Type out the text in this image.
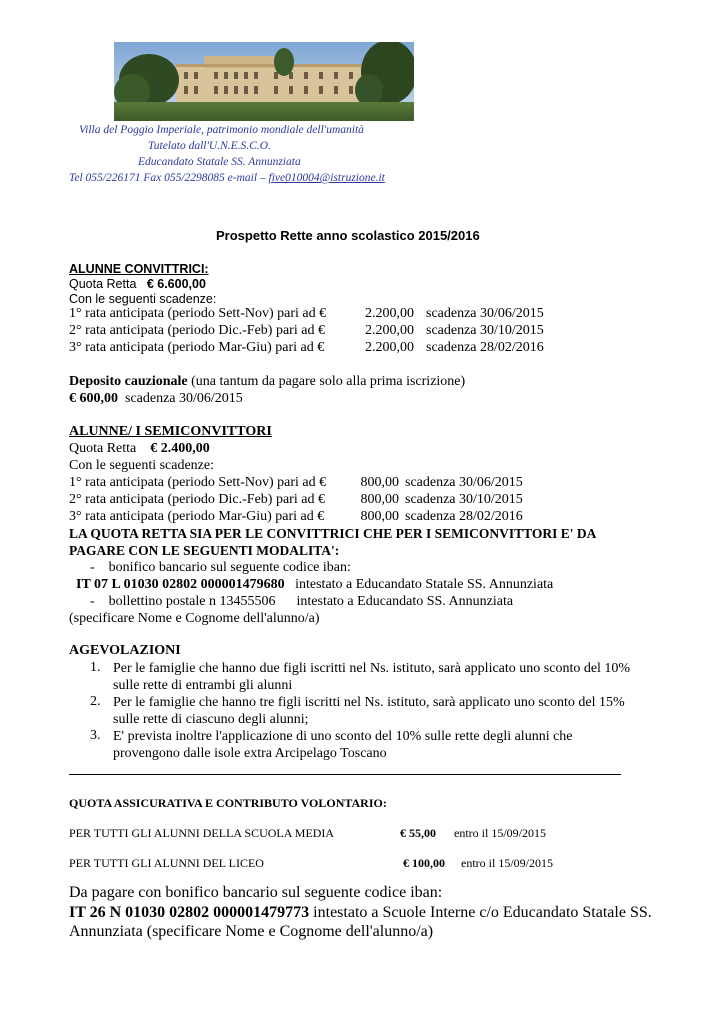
Villa del Poggio Imperiale, patrimonio mondiale dell'umanità
Tutelato dall'U.N.E.S.C.O.
Educandato Statale SS. Annunziata
Tel 055/226171 Fax 055/2298085 e-mail – five010004@istruzione.it
Prospetto Rette anno scolastico 2015/2016
ALUNNE CONVITTRICI:
Quota Retta € 6.600,00
Con le seguenti scadenze:
1° rata anticipata (periodo Sett-Nov) pari ad €	2.200,00 scadenza 30/06/2015
2° rata anticipata (periodo Dic.-Feb) pari ad €	2.200,00 scadenza 30/10/2015
3° rata anticipata (periodo Mar-Giu) pari ad €	2.200,00 scadenza 28/02/2016
Deposito cauzionale (una tantum da pagare solo alla prima iscrizione)
€ 600,00 scadenza 30/06/2015
ALUNNE/ I SEMICONVITTORI
Quota Retta € 2.400,00
Con le seguenti scadenze:
1° rata anticipata (periodo Sett-Nov) pari ad € 800,00 scadenza 30/06/2015
2° rata anticipata (periodo Dic.-Feb) pari ad €	800,00 scadenza 30/10/2015
3° rata anticipata (periodo Mar-Giu) pari ad €	800,00 scadenza 28/02/2016
LA QUOTA RETTA SIA PER LE CONVITTRICI CHE PER I SEMICONVITTORI E' DA
PAGARE CON LE SEGUENTI MODALITA':
- bonifico bancario sul seguente codice iban:
IT 07 L 01030 02802 000001479680 intestato a Educandato Statale SS. Annunziata
- bollettino postale n 13455506 intestato a Educandato SS. Annunziata
(specificare Nome e Cognome dell'alunno/a)
AGEVOLAZIONI
1. Per le famiglie che hanno due figli iscritti nel Ns. istituto, sarà applicato uno sconto del 10%
sulle rette di entrambi gli alunni
2. Per le famiglie che hanno tre figli iscritti nel Ns. istituto, sarà applicato uno sconto del 15%
sulle rette di ciascuno degli alunni;
3. E' prevista inoltre l'applicazione di uno sconto del 10% sulle rette degli alunni che
provengono dalle isole extra Arcipelago Toscano
QUOTA ASSICURATIVA E CONTRIBUTO VOLONTARIO:
PER TUTTI GLI ALUNNI DELLA SCUOLA MEDIA	€ 55,00 entro il 15/09/2015
PER TUTTI GLI ALUNNI DEL LICEO	€ 100,00 entro il 15/09/2015
Da pagare con bonifico bancario sul seguente codice iban:
IT 26 N 01030 02802 000001479773 intestato a Scuole Interne c/o Educandato Statale SS.
Annunziata (specificare Nome e Cognome dell'alunno/a)
